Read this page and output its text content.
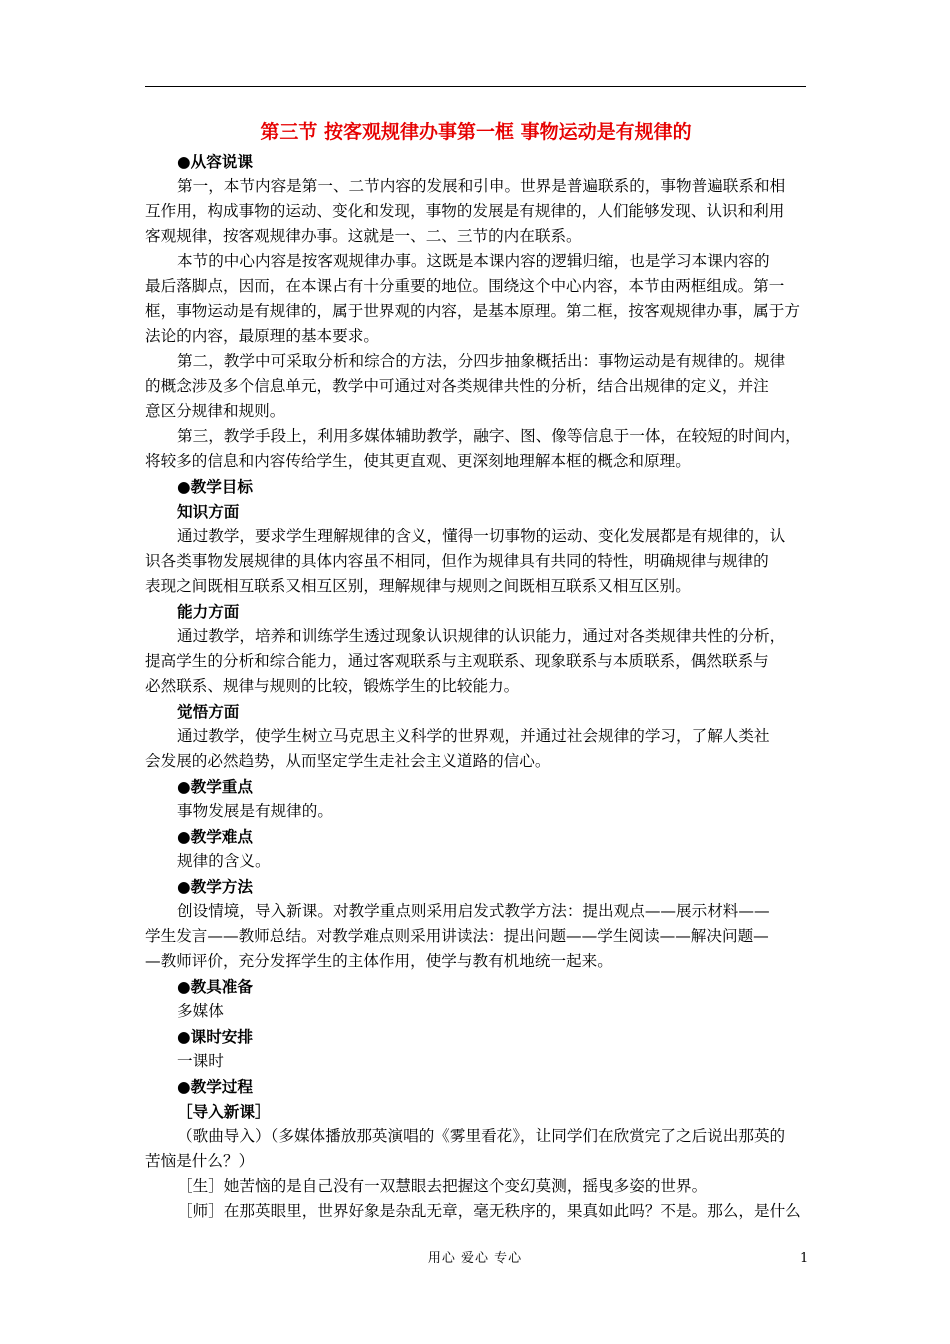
第三节 按客观规律办事第一框 事物运动是有规律的
●从容说课
第一，本节内容是第一、二节内容的发展和引申。世界是普遍联系的，事物普遍联系和相
互作用，构成事物的运动、变化和发现，事物的发展是有规律的，人们能够发现、认识和利用
客观规律，按客观规律办事。这就是一、二、三节的内在联系。
本节的中心内容是按客观规律办事。这既是本课内容的逻辑归缩，也是学习本课内容的
最后落脚点，因而，在本课占有十分重要的地位。围绕这个中心内容，本节由两框组成。第一
框，事物运动是有规律的，属于世界观的内容，是基本原理。第二框，按客观规律办事，属于方
法论的内容，最原理的基本要求。
第二，教学中可采取分析和综合的方法，分四步抽象概括出：事物运动是有规律的。规律
的概念涉及多个信息单元，教学中可通过对各类规律共性的分析，结合出规律的定义，并注
意区分规律和规则。
第三，教学手段上，利用多媒体辅助教学，融字、图、像等信息于一体，在较短的时间内，
将较多的信息和内容传给学生，使其更直观、更深刻地理解本框的概念和原理。
●教学目标
知识方面
通过教学，要求学生理解规律的含义，懂得一切事物的运动、变化发展都是有规律的，认
识各类事物发展规律的具体内容虽不相同，但作为规律具有共同的特性，明确规律与规律的
表现之间既相互联系又相互区别，理解规律与规则之间既相互联系又相互区别。
能力方面
通过教学，培养和训练学生透过现象认识规律的认识能力，通过对各类规律共性的分析，
提高学生的分析和综合能力，通过客观联系与主观联系、现象联系与本质联系，偶然联系与
必然联系、规律与规则的比较，锻炼学生的比较能力。
觉悟方面
通过教学，使学生树立马克思主义科学的世界观，并通过社会规律的学习，了解人类社
会发展的必然趋势，从而坚定学生走社会主义道路的信心。
●教学重点
事物发展是有规律的。
●教学难点
规律的含义。
●教学方法
创设情境，导入新课。对教学重点则采用启发式教学方法：提出观点——展示材料——
学生发言——教师总结。对教学难点则采用讲读法：提出问题——学生阅读——解决问题—
—教师评价，充分发挥学生的主体作用，使学与教有机地统一起来。
●教具准备
多媒体
●课时安排
一课时
●教学过程
［导入新课］
（歌曲导入）（多媒体播放那英演唱的《雾里看花》，让同学们在欣赏完了之后说出那英的
苦恼是什么？）
［生］她苦恼的是自己没有一双慧眼去把握这个变幻莫测，摇曳多姿的世界。
［师］在那英眼里，世界好象是杂乱无章，毫无秩序的，果真如此吗？不是。那么，是什么
用心 爱心 专心	1
